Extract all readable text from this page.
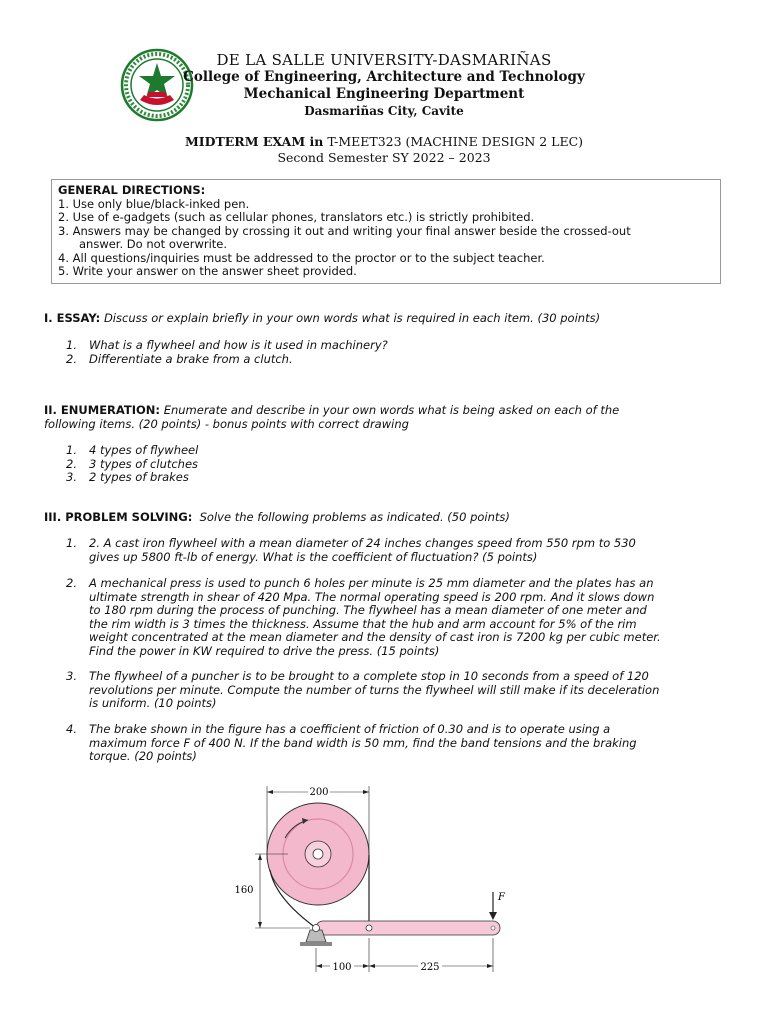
DE LA SALLE UNIVERSITY-DASMARIÑAS
College of Engineering, Architecture and Technology
Mechanical Engineering Department
Dasmariñas City, Cavite
MIDTERM EXAM in T-MEET323 (MACHINE DESIGN 2 LEC)
Second Semester SY 2022 – 2023
GENERAL DIRECTIONS:
1. Use only blue/black-inked pen.
2. Use of e-gadgets (such as cellular phones, translators etc.) is strictly prohibited.
3. Answers may be changed by crossing it out and writing your final answer beside the crossed-out
answer. Do not overwrite.
4. All questions/inquiries must be addressed to the proctor or to the subject teacher.
5. Write your answer on the answer sheet provided.
I. ESSAY: Discuss or explain briefly in your own words what is required in each item. (30 points)
1. What is a flywheel and how is it used in machinery?
2. Differentiate a brake from a clutch.
II. ENUMERATION: Enumerate and describe in your own words what is being asked on each of the
following items. (20 points) - bonus points with correct drawing
1. 4 types of flywheel
2. 3 types of clutches
3. 2 types of brakes
III. PROBLEM SOLVING: Solve the following problems as indicated. (50 points)
1. 2. A cast iron flywheel with a mean diameter of 24 inches changes speed from 550 rpm to 530
gives up 5800 ft-lb of energy. What is the coefficient of fluctuation? (5 points)
2. A mechanical press is used to punch 6 holes per minute is 25 mm diameter and the plates has an
ultimate strength in shear of 420 Mpa. The normal operating speed is 200 rpm. And it slows down
to 180 rpm during the process of punching. The flywheel has a mean diameter of one meter and
the rim width is 3 times the thickness. Assume that the hub and arm account for 5% of the rim
weight concentrated at the mean diameter and the density of cast iron is 7200 kg per cubic meter.
Find the power in KW required to drive the press. (15 points)
3. The flywheel of a puncher is to be brought to a complete stop in 10 seconds from a speed of 120
revolutions per minute. Compute the number of turns the flywheel will still make if its deceleration
is uniform. (10 points)
4. The brake shown in the figure has a coefficient of friction of 0.30 and is to operate using a
maximum force F of 400 N. If the band width is 50 mm, find the band tensions and the braking
torque. (20 points)
200
160
F
100	225
